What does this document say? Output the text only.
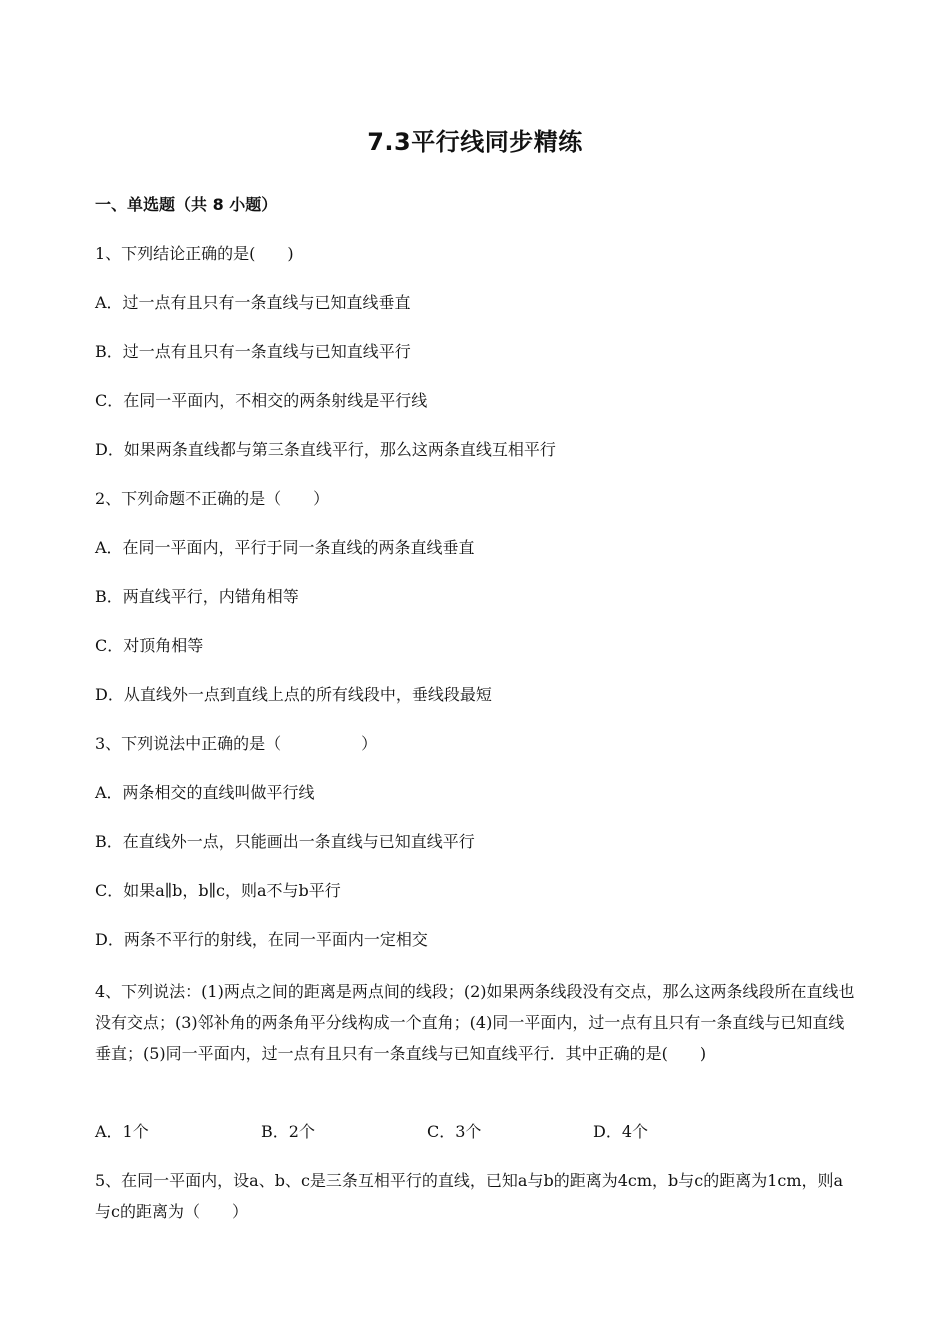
7.3平行线同步精练
一、单选题（共 8 小题）
1、下列结论正确的是(　　)
A．过一点有且只有一条直线与已知直线垂直
B．过一点有且只有一条直线与已知直线平行
C．在同一平面内，不相交的两条射线是平行线
D．如果两条直线都与第三条直线平行，那么这两条直线互相平行
2、下列命题不正确的是（　　）
A．在同一平面内，平行于同一条直线的两条直线垂直
B．两直线平行，内错角相等
C．对顶角相等
D．从直线外一点到直线上点的所有线段中，垂线段最短
3、下列说法中正确的是（　　　　　）
A．两条相交的直线叫做平行线
B．在直线外一点，只能画出一条直线与已知直线平行
C．如果a∥b，b∥c，则a不与b平行
D．两条不平行的射线，在同一平面内一定相交
4、下列说法：(1)两点之间的距离是两点间的线段；(2)如果两条线段没有交点，那么这两条线段所在直线也没有交点；(3)邻补角的两条角平分线构成一个直角；(4)同一平面内，过一点有且只有一条直线与已知直线垂直；(5)同一平面内，过一点有且只有一条直线与已知直线平行．其中正确的是(　　)
A．1个	B．2个	C．3个	D．4个
5、在同一平面内，设a、b、c是三条互相平行的直线，已知a与b的距离为4cm，b与c的距离为1cm，则a与c的距离为（　　）
